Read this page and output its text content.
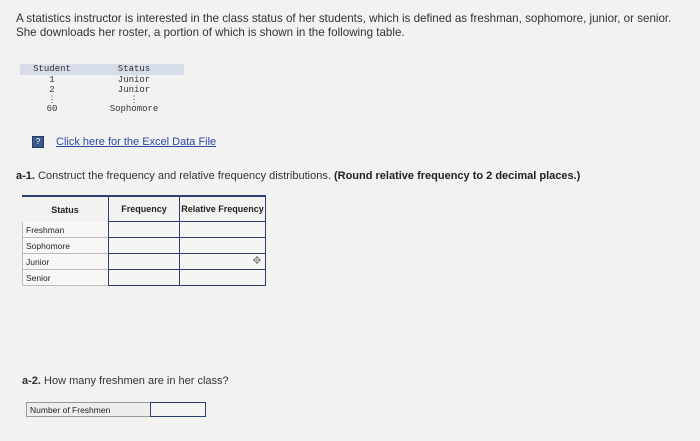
A statistics instructor is interested in the class status of her students, which is defined as freshman, sophomore, junior, or senior. She downloads her roster, a portion of which is shown in the following table.
Student	Status
1	Junior
2	Junior
⋮	⋮
60	Sophomore
?	Click here for the Excel Data File
a-1. Construct the frequency and relative frequency distributions. (Round relative frequency to 2 decimal places.)
Status	Frequency	Relative Frequency
Freshman
Sophomore
Junior	✥
Senior
a-2. How many freshmen are in her class?
Number of Freshmen
